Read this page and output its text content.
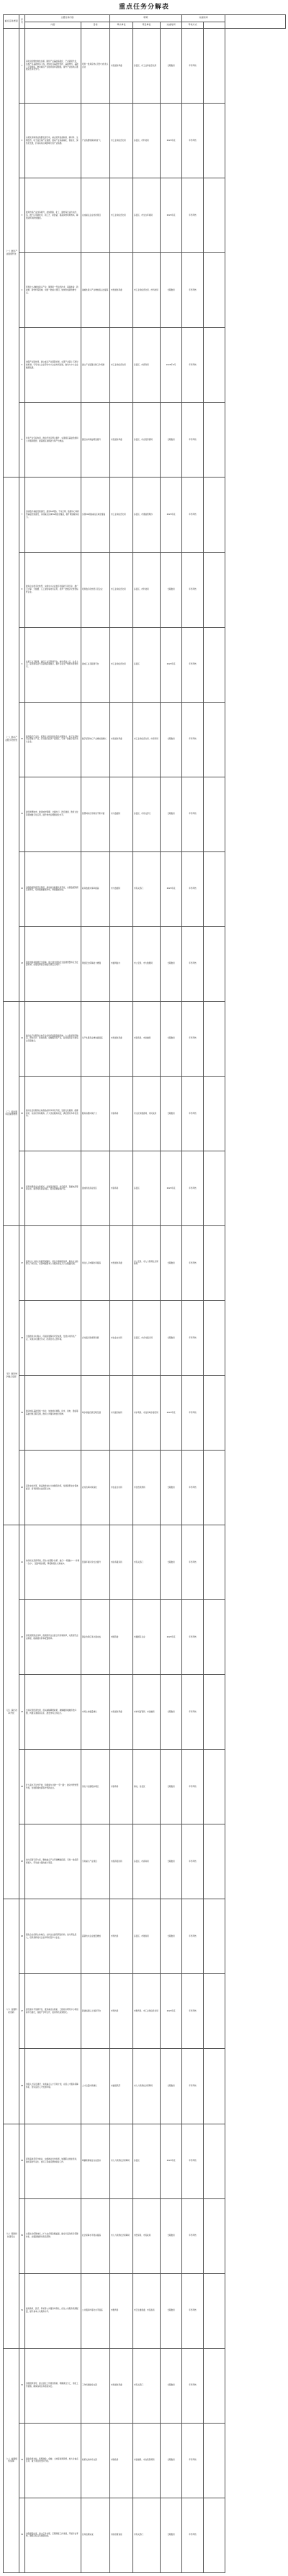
重点任务分解表
重点任务类别	序号	主要任务内容		职责			完成时间		
		内容	目标	牵头单位	责任单位	完成时间	考核方式		
（一）推进产业链现代化	1	深化供给侧结构性改革，围绕产业基础高级化、产业链现代化，实施产业基础再造工程，加快补齐基础零部件、基础材料、基础工艺等短板，推动重点产业链延链补链强链，提升产业链供应链稳定性和竞争力。	培育一批具有核心竞争力的龙头企业	市发展改革委	各县区、市工业和信息化局	长期推进	年终考核		
	2	实施先进制造业集群发展行动，重点培育装备制造、新材料、生物医药、电子信息等产业集群，推动产业向高端化、智能化、绿色化发展，打造具有区域影响力的产业集群。	产业集群规模持续扩大	市工业和信息化局	各县区、市科技局	2025年底	年终考核		
	3	推进传统产业改造提升，加快钢铁、化工、建材等行业技术改造，推广应用新技术、新工艺、新装备，提高资源利用效率，降低能耗和排放强度。	完成重点企业技改项目	市工业和信息化局	各县区、市生态环境局	2025年底	年终考核		
	4	培育壮大战略性新兴产业，围绕新一代信息技术、高端装备、新能源、新材料等领域，实施一批重大项目，加快形成新的增长点。	战略性新兴产业增加值占比提高	市发展改革委	市工业和信息化局、市科技局	长期推进	年终考核		
	5	加强产业链协同，建立重点产业链链长制，完善产业链上下游对接机制，引导龙头企业带动中小企业协同发展，推动大中小企业融通发展。	建立产业链链长制工作机制	市工业和信息化局	各县区、市商务局	2025年6月	年终考核		
	6	优化产业空间布局，推动开发区整合提升，完善园区基础设施和公共服务配套，提高园区承载能力和产出效益。	园区亩均效益明显提升	市发展改革委	各县区、市自然资源局	长期推进	年终考核		
（二）推动产业数字化转型	7	加快数字基础设施建设，推进5G网络、千兆光网、数据中心等新型基础设施建设，实现重点区域5G网络全覆盖，提升网络服务能力。	实现5G网络重点区域全覆盖	市工业和信息化局	各县区、市通信管理办	2025年底	年终考核		
	8	推进企业数字化转型，实施中小企业数字化赋能专项行动，推广云计算、大数据、人工智能等技术应用，培育一批数字化转型标杆企业。	培育数字化转型示范企业	市工业和信息化局	各县区、市科技局	长期推进	年终考核		
	9	发展工业互联网，建设工业互联网平台，推动设备上云、业务上云，促进制造业与互联网深度融合，提升企业生产效率和管理水平。	建成工业互联网平台	市工业和信息化局	各县区	2025年底	年终考核		
	10	推进数字产业化，培育壮大软件和信息技术服务业、电子信息制造业等数字产业，打造数字经济产业园区，引进一批数字经济龙头企业。	数字经济核心产业增加值增长	市发展改革委	市工业和信息化局、市商务局	长期推进	年终考核		
	11	建设智慧城市，推进城市管理、交通出行、医疗健康、教育文化等领域数字化应用，提升城市治理智能化水平。	智慧城市应用场景不断丰富	市大数据局	各县区、市有关部门	长期推进	年终考核		
	12	加强数据资源开发利用，推动政务数据共享开放，完善数据资源目录体系，培育数据要素市场，释放数据价值。	政务数据共享率提高	市大数据局	市有关部门	2025年底	年终考核		
	13	强化网络和数据安全保障，建立健全网络安全监测预警和应急处置机制，加强关键信息基础设施安全保护。	网络安全保障能力增强	市委网信办	市公安局、市大数据局	长期推进	年终考核		
（三）促进服务业提质增效	14	推动生产性服务业向专业化和价值链高端延伸，大力发展现代物流、研发设计、检验检测、金融服务等产业，促进服务业与制造业深度融合。	生产性服务业增加值提高	市发展改革委	市商务局、市金融局	长期推进	年终考核		
	15	推动生活性服务业向高品质和多样化升级，发展文化旅游、健康养老、家政托育等服务，扩大优质服务供给，满足群众多样化需求。	服务消费持续扩大	市商务局	市文化和旅游局、市民政局	长期推进	年终考核		
	16	培育消费新业态新模式，发展夜间经济、首店经济、直播电商等新业态，建设特色商业街区，促进消费提质扩容。	建成特色商业街区	市商务局	各县区	2025年底	年终考核		
（四）推进城乡融合发展	17	推进以人为核心的新型城镇化，深化户籍制度改革，推动农业转移人口市民化，完善城镇基本公共服务常住人口全覆盖机制。	常住人口城镇化率提高	市发展改革委	市公安局、市人力资源社会保障局	长期推进	年终考核		
	18	全面推进乡村振兴，巩固拓展脱贫攻坚成果，发展乡村特色产业，实施乡村建设行动，改善农村人居环境。	乡村振兴取得新进展	市农业农村局	各县区、市乡村振兴局	长期推进	年终考核		
	19	推动城乡基础设施一体化，加快城乡道路、供水、供电、通信等基础设施互联互通，推动公共服务向农村延伸。	城乡基础设施互联互通	市交通运输局	市水利局、市住房城乡建设局	2025年底	年终考核		
	20	深化农村改革，稳妥推进农村土地制度改革，发展新型农村集体经济，培育新型农业经营主体。	农村改革持续深化	市农业农村局	市自然资源局	长期推进	年终考核		
（五）深化改革开放	21	持续优化营商环境，深化“放管服”改革，推行“一网通办”“一件事一次办”，压缩审批时限，降低制度性交易成本。	营商环境评价位次提升	市政务服务局	市有关部门	长期推进	年终考核		
	22	深化国资国企改革，推进国有企业混合所有制改革，完善现代企业制度，提高国有资本配置效率。	国企改革任务全面完成	市国资委	市属国有企业	2025年底	年终考核		
	23	支持民营经济发展，落实减税降费政策，破解融资难融资贵问题，构建亲清政商关系，激发市场主体活力。	市场主体数量增长	市发展改革委	市市场监管局、市金融局	长期推进	年终考核		
	24	扩大高水平对外开放，积极参与共建“一带一路”，推动外贸转型升级，发展跨境电商等外贸新业态。	进出口总额稳步增长	市商务局	海关、各县区	长期推进	年终考核		
	25	加大招商引资力度，聚焦重点产业开展精准招商，引进一批投资规模大、带动能力强的重大项目。	引进重大产业项目	市投资促进局	各县区、市商务局	长期推进	年终考核		
（六）加强科技创新	26	强化企业创新主体地位，支持企业建设研发机构，加大研发投入，培育高新技术企业和科技型中小企业。	高新技术企业数量增加	市科技局	各县区、市财政局	长期推进	年终考核		
	27	建设高水平创新平台，推进重点实验室、工程技术研究中心等创新平台建设，加强产学研合作，促进科技成果转化。	新建省级以上创新平台	市科技局	市教育局、市工业和信息化局	2025年底	年终考核		
	28	加强人才队伍建设，实施重点人才引进计划，完善人才服务保障体系，营造良好人才发展环境。	人才总量持续增长	市委组织部	市人力资源社会保障局	长期推进	年终考核		
（七）保障和改善民生	29	促进高质量充分就业，实施就业优先政策，加强职业技能培训，做好高校毕业生、农民工等重点群体就业工作。	城镇新增就业完成目标	市人力资源社会保障局	各县区	2025年底	年终考核		
	30	完善社会保障体系，扩大社会保险覆盖面，健全多层次医疗保障体系，加强困难群众兜底保障。	社会保障水平稳步提高	市人力资源社会保障局	市医保局、市民政局	长期推进	年终考核		
	31	推进教育、医疗、养老等公共服务均等化，优化公共服务资源配置，提升基本公共服务水平。	公共服务均等化水平提高	市教育局	市卫生健康委、市民政局	长期推进	年终考核		
（八）加强组织保障	32	加强组织领导，建立健全工作推进机制，明确责任分工，细化工作措施，确保各项任务落到实处。	工作机制健全完善	市发展改革委	市有关部门	长期推进	年终考核		
	33	强化政策支持，统筹财政、金融、土地等政策资源，加大对重点任务、重大项目的支持力度。	政策支持体系完善	市财政局	市金融局、市自然资源局	长期推进	年终考核		
	34	加强督促检查，建立任务台账，定期调度工作进展，开展评估考核，确保目标任务按期完成。	任务按期完成	市政府督查室	市有关部门	长期推进	年终考核		
